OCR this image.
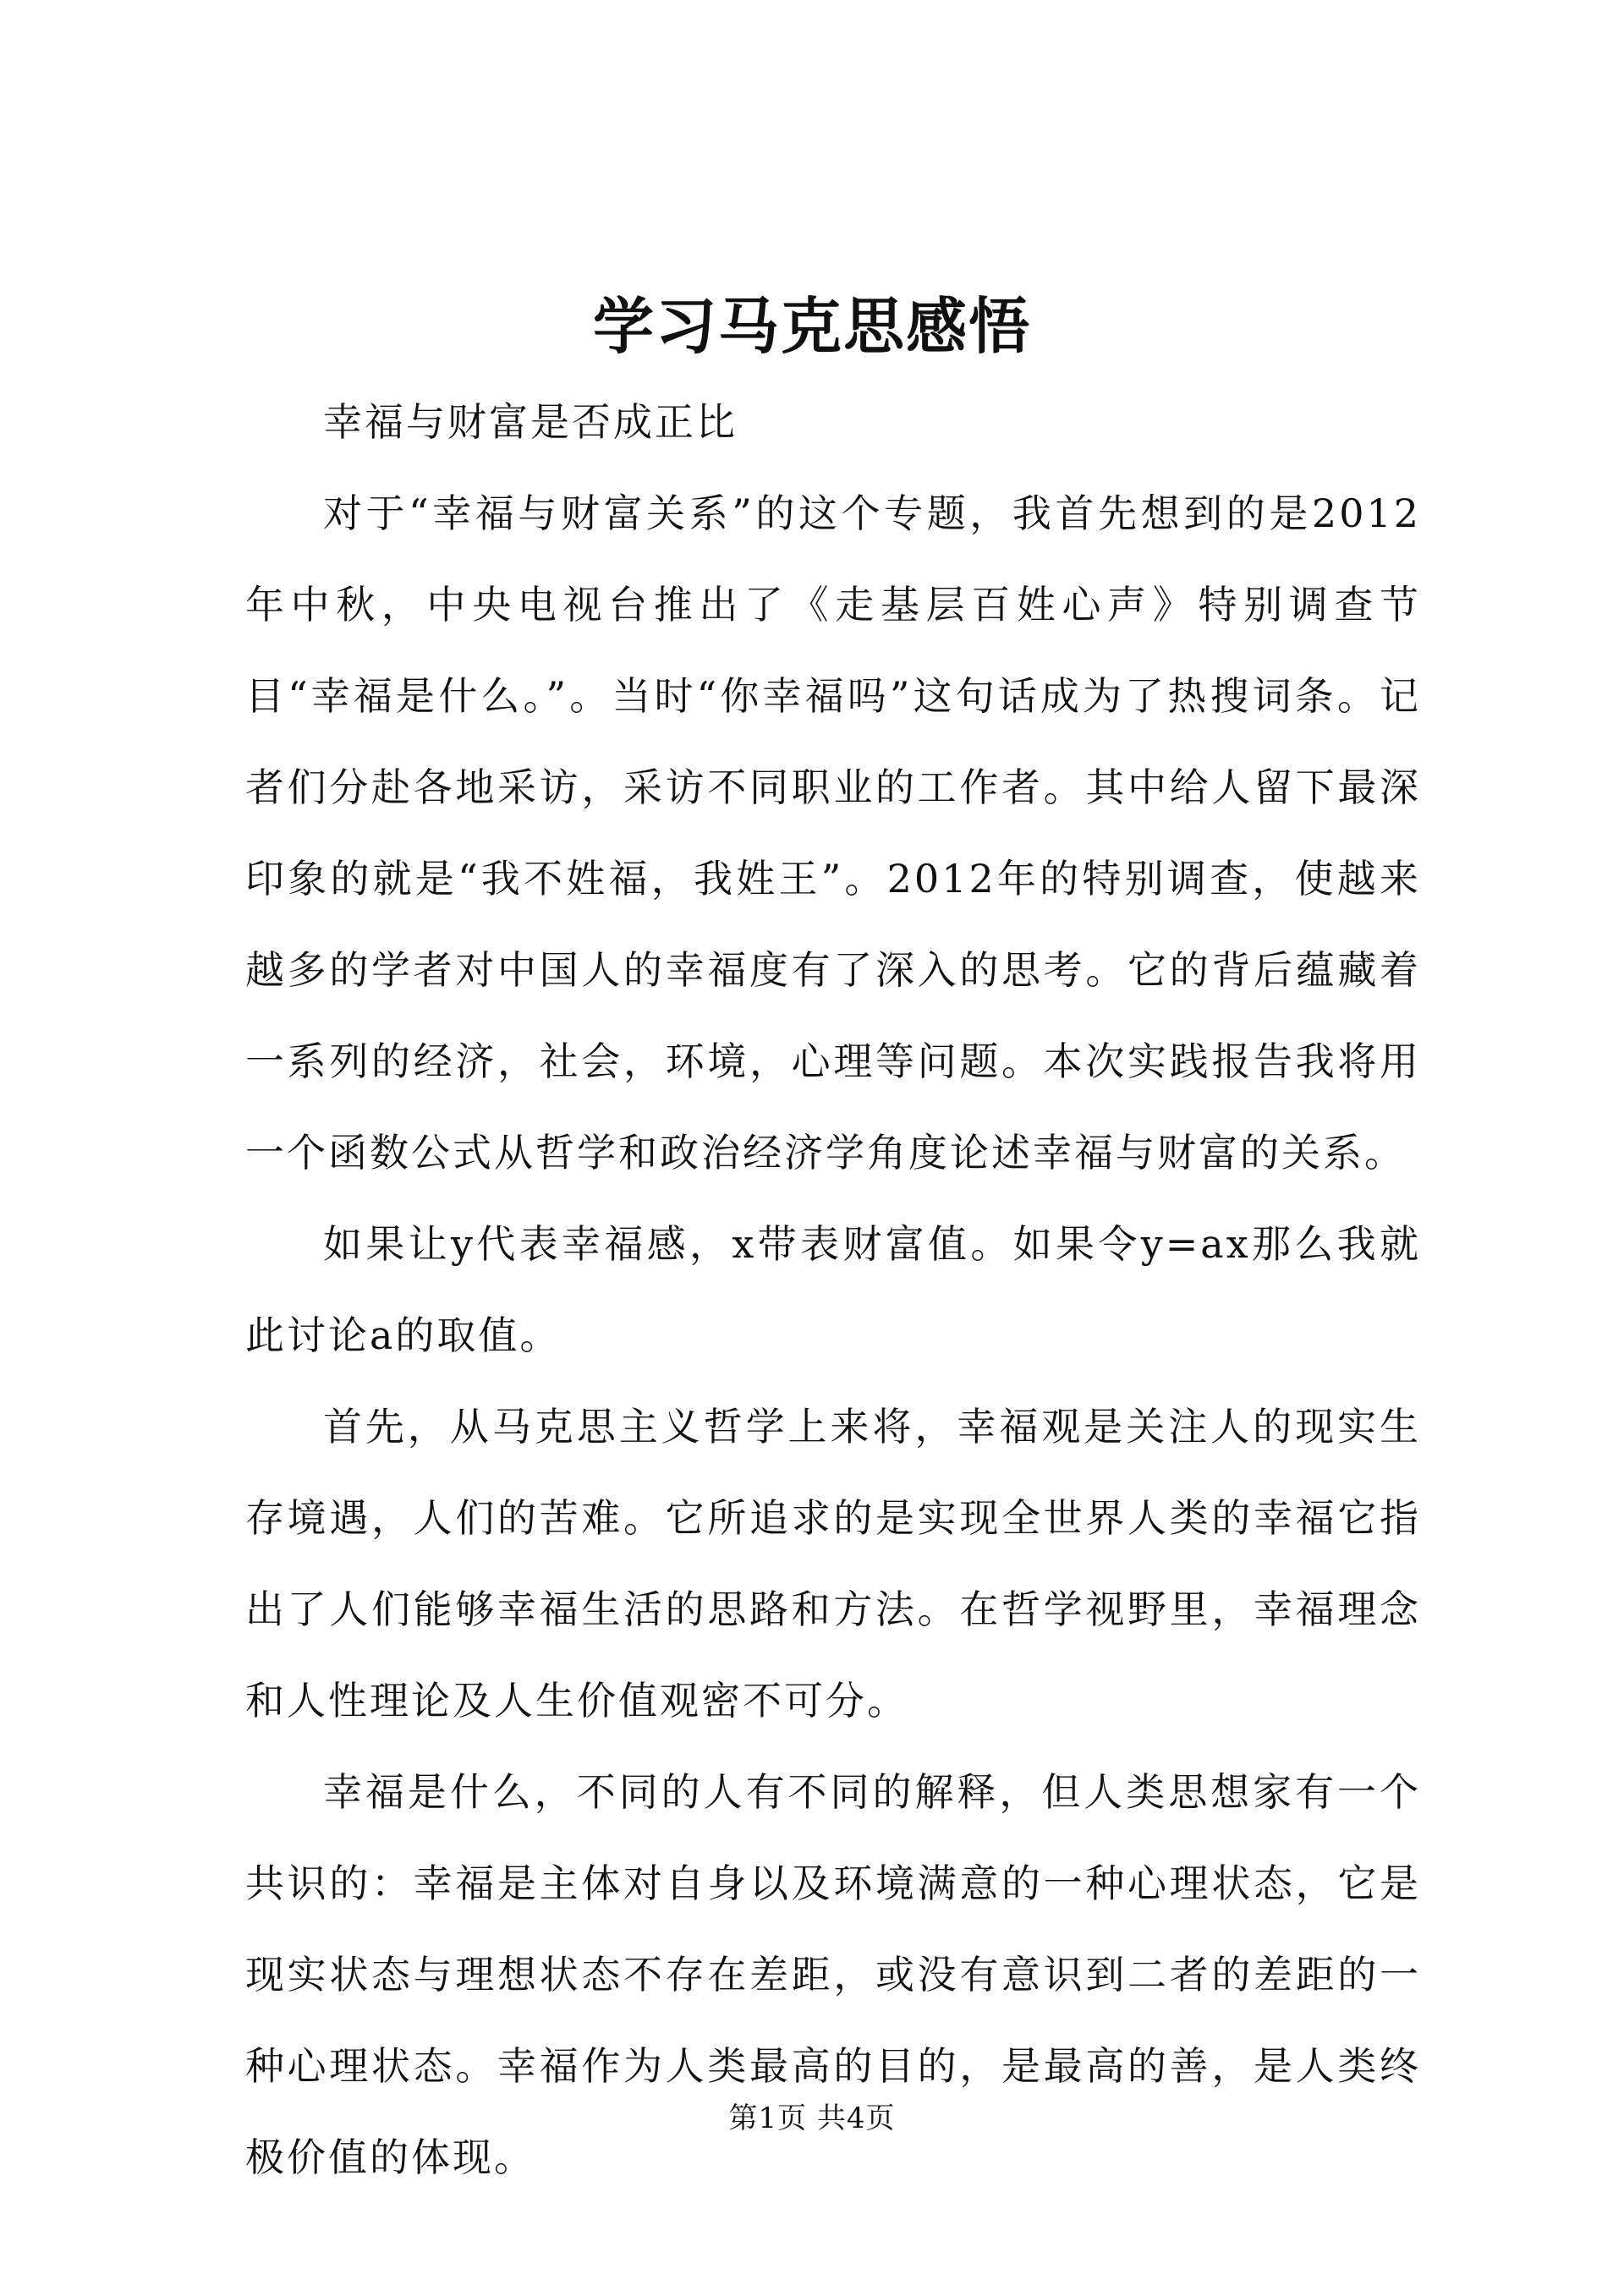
学习马克思感悟

幸福与财富是否成正比

对于“幸福与财富关系”的这个专题，我首先想到的是2012年中秋，中央电视台推出了《走基层百姓心声》特别调查节目“幸福是什么。”。当时“你幸福吗”这句话成为了热搜词条。记者们分赴各地采访，采访不同职业的工作者。其中给人留下最深印象的就是“我不姓福，我姓王”。2012年的特别调查，使越来越多的学者对中国人的幸福度有了深入的思考。它的背后蕴藏着一系列的经济，社会，环境，心理等问题。本次实践报告我将用一个函数公式从哲学和政治经济学角度论述幸福与财富的关系。

如果让y代表幸福感，x带表财富值。如果令y=ax那么我就此讨论a的取值。

首先，从马克思主义哲学上来将，幸福观是关注人的现实生存境遇，人们的苦难。它所追求的是实现全世界人类的幸福它指出了人们能够幸福生活的思路和方法。在哲学视野里，幸福理念和人性理论及人生价值观密不可分。

幸福是什么，不同的人有不同的解释，但人类思想家有一个共识的：幸福是主体对自身以及环境满意的一种心理状态，它是现实状态与理想状态不存在差距，或没有意识到二者的差距的一种心理状态。幸福作为人类最高的目的，是最高的善，是人类终极价值的体现。

第1页 共4页
